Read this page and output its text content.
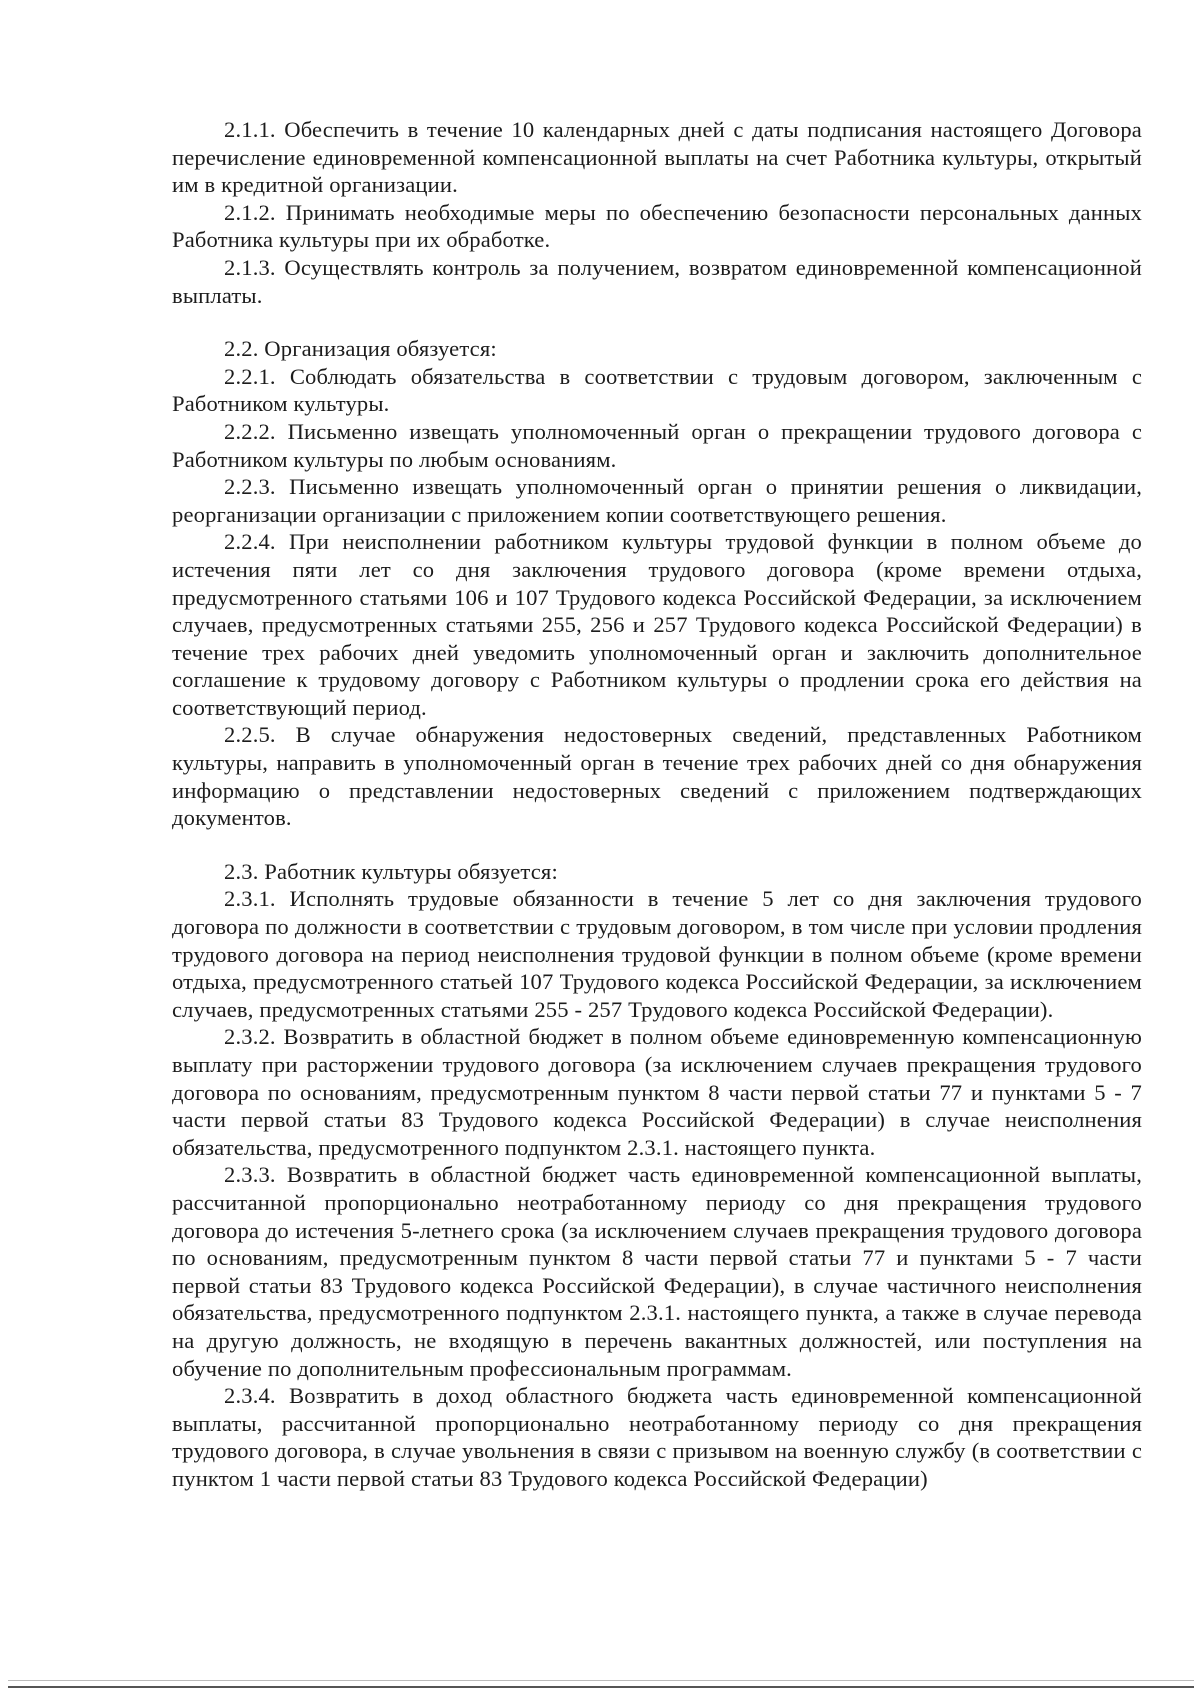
2.1.1. Обеспечить в течение 10 календарных дней с даты подписания настоящего Договора перечисление единовременной компенсационной выплаты на счет Работника культуры, открытый им в кредитной организации.

2.1.2. Принимать необходимые меры по обеспечению безопасности персональных данных Работника культуры при их обработке.

2.1.3. Осуществлять контроль за получением, возвратом единовременной компенсационной выплаты.

2.2. Организация обязуется:

2.2.1. Соблюдать обязательства в соответствии с трудовым договором, заключенным с Работником культуры.

2.2.2. Письменно извещать уполномоченный орган о прекращении трудового договора с Работником культуры по любым основаниям.

2.2.3. Письменно извещать уполномоченный орган о принятии решения о ликвидации, реорганизации организации с приложением копии соответствующего решения.

2.2.4. При неисполнении работником культуры трудовой функции в полном объеме до истечения пяти лет со дня заключения трудового договора (кроме времени отдыха, предусмотренного статьями 106 и 107 Трудового кодекса Российской Федерации, за исключением случаев, предусмотренных статьями 255, 256 и 257 Трудового кодекса Российской Федерации) в течение трех рабочих дней уведомить уполномоченный орган и заключить дополнительное соглашение к трудовому договору с Работником культуры о продлении срока его действия на соответствующий период.

2.2.5. В случае обнаружения недостоверных сведений, представленных Работником культуры, направить в уполномоченный орган в течение трех рабочих дней со дня обнаружения информацию о представлении недостоверных сведений с приложением подтверждающих документов.

2.3. Работник культуры обязуется:

2.3.1. Исполнять трудовые обязанности в течение 5 лет со дня заключения трудового договора по должности в соответствии с трудовым договором, в том числе при условии продления трудового договора на период неисполнения трудовой функции в полном объеме (кроме времени отдыха, предусмотренного статьей 107 Трудового кодекса Российской Федерации, за исключением случаев, предусмотренных статьями 255 - 257 Трудового кодекса Российской Федерации).

2.3.2. Возвратить в областной бюджет в полном объеме единовременную компенсационную выплату при расторжении трудового договора (за исключением случаев прекращения трудового договора по основаниям, предусмотренным пунктом 8 части первой статьи 77 и пунктами 5 - 7 части первой статьи 83 Трудового кодекса Российской Федерации) в случае неисполнения обязательства, предусмотренного подпунктом 2.3.1. настоящего пункта.

2.3.3. Возвратить в областной бюджет часть единовременной компенсационной выплаты, рассчитанной пропорционально неотработанному периоду со дня прекращения трудового договора до истечения 5-летнего срока (за исключением случаев прекращения трудового договора по основаниям, предусмотренным пунктом 8 части первой статьи 77 и пунктами 5 - 7 части первой статьи 83 Трудового кодекса Российской Федерации), в случае частичного неисполнения обязательства, предусмотренного подпунктом 2.3.1. настоящего пункта, а также в случае перевода на другую должность, не входящую в перечень вакантных должностей, или поступления на обучение по дополнительным профессиональным программам.

2.3.4. Возвратить в доход областного бюджета часть единовременной компенсационной выплаты, рассчитанной пропорционально неотработанному периоду со дня прекращения трудового договора, в случае увольнения в связи с призывом на военную службу (в соответствии с пунктом 1 части первой статьи 83 Трудового кодекса Российской Федерации)
